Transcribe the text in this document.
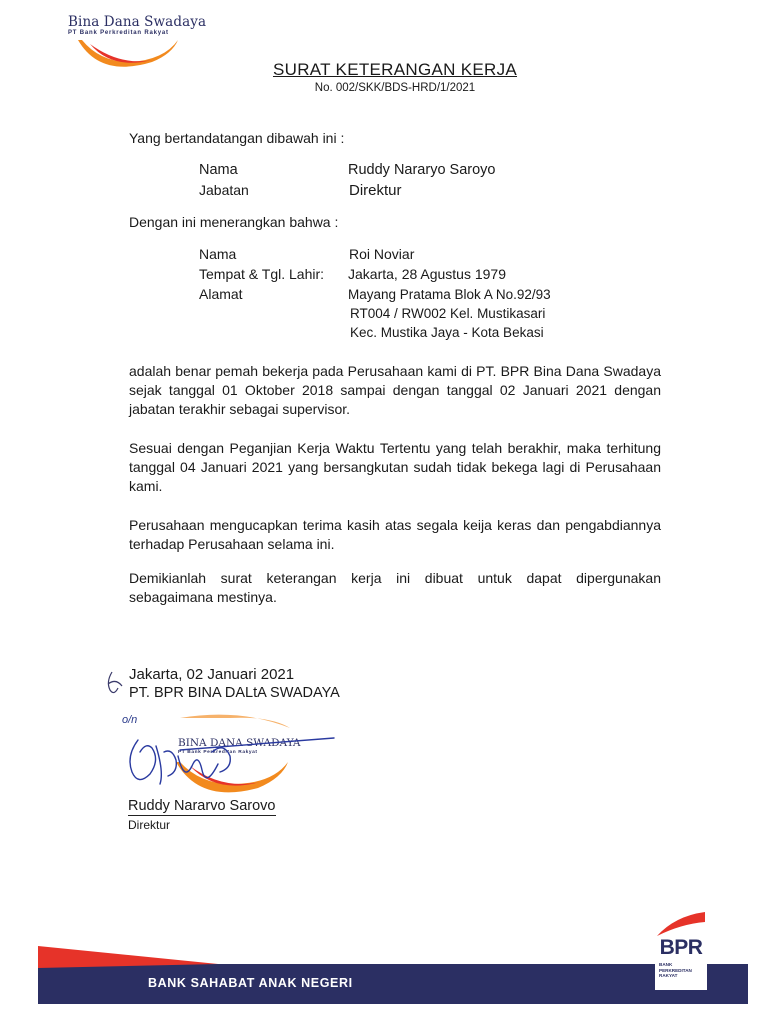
Bina Dana Swadaya
PT Bank Perkreditan Rakyat
SURAT KETERANGAN KERJA
No. 002/SKK/BDS-HRD/1/2021
Yang bertandatangan dibawah ini :
Nama	Ruddy Nararyo Saroyo
Jabatan	Direktur
Dengan ini menerangkan bahwa :
Nama	Roi Noviar
Tempat & Tgl. Lahir: Jakarta, 28 Agustus 1979
Alamat	Mayang Pratama Blok A No.92/93
RT004 / RW002 Kel. Mustikasari
Kec. Mustika Jaya - Kota Bekasi
adalah benar pemah bekerja pada Perusahaan kami di PT. BPR Bina Dana Swadaya sejak tanggal 01 Oktober 2018 sampai dengan tanggal 02 Januari 2021 dengan jabatan terakhir sebagai supervisor.
Sesuai dengan Peganjian Kerja Waktu Tertentu yang telah berakhir, maka terhitung tanggal 04 Januari 2021 yang bersangkutan sudah tidak bekega lagi di Perusahaan kami.
Perusahaan mengucapkan terima kasih atas segala keija keras dan pengabdiannya terhadap Perusahaan selama ini.
Demikianlah surat keterangan kerja ini dibuat untuk dapat dipergunakan sebagaimana mestinya.
Jakarta, 02 Januari 2021
PT. BPR BINA DALtA SWADAYA
BINA DANA SWADAYA
PT Bank Perkreditan Rakyat
o/n
Ruddy Nararvo Sarovo
Direktur
BANK SAHABAT ANAK NEGERI
BPR
BANK
PERKREDITAN
RAKYAT
